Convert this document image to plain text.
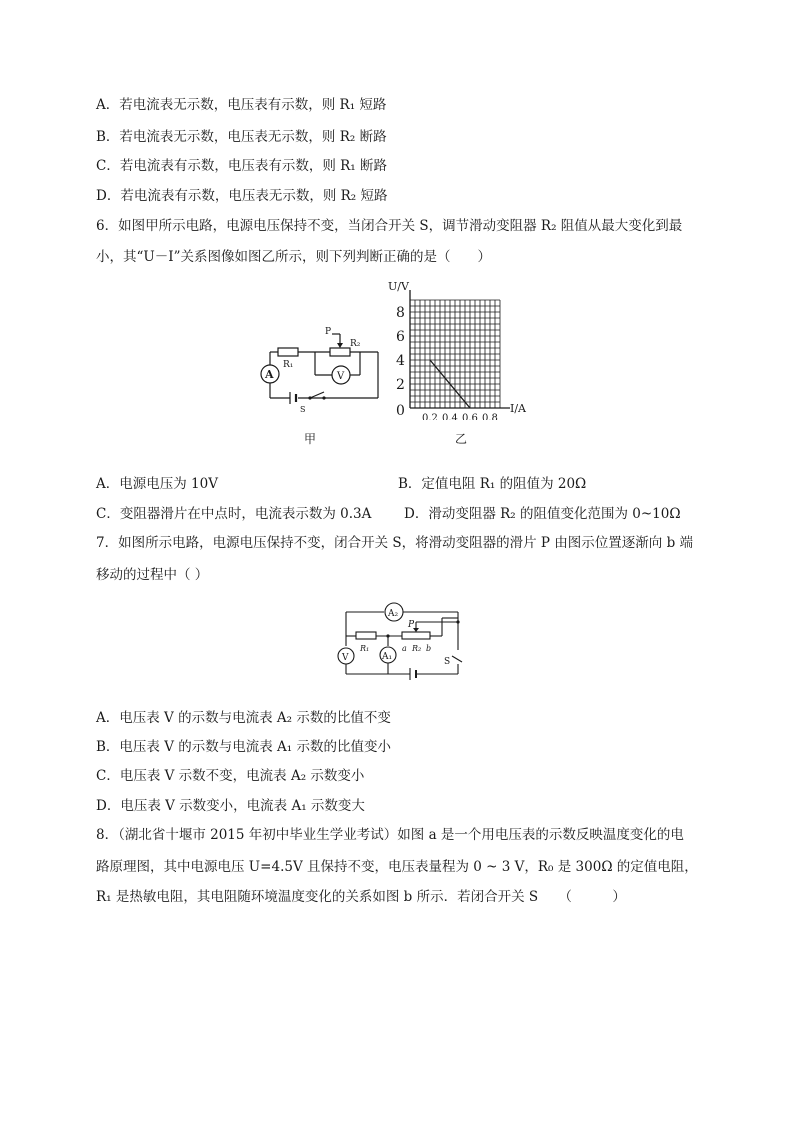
A．若电流表无示数，电压表有示数，则 R₁ 短路
B．若电流表无示数，电压表无示数，则 R₂ 断路
C．若电流表有示数，电压表有示数，则 R₁ 断路
D．若电流表有示数，电压表无示数，则 R₂ 短路
6．如图甲所示电路，电源电压保持不变，当闭合开关 S，调节滑动变阻器 R₂ 阻值从最大变化到最
小，其“U－I”关系图像如图乙所示，则下列判断正确的是（　　）
P
R₁
R₂
A	V
S
甲
0.2 0.4 0.6 0.8
2
4
6
8
0	I/A
U/V
乙
A．电源电压为 10V	B．定值电阻 R₁ 的阻值为 20Ω
C．变阻器滑片在中点时，电流表示数为 0.3A D．滑动变阻器 R₂ 的阻值变化范围为 0~10Ω
7．如图所示电路，电源电压保持不变，闭合开关 S，将滑动变阻器的滑片 P 由图示位置逐渐向 b 端
移动的过程中（ ）
A₂
V	A₁
P
R₁	a R₂ b
S
A．电压表 V 的示数与电流表 A₂ 示数的比值不变
B．电压表 V 的示数与电流表 A₁ 示数的比值变小
C．电压表 V 示数不变，电流表 A₂ 示数变小
D．电压表 V 示数变小，电流表 A₁ 示数变大
8．（湖北省十堰市 2015 年初中毕业生学业考试）如图 a 是一个用电压表的示数反映温度变化的电
路原理图，其中电源电压 U=4.5V 且保持不变，电压表量程为 0 ~ 3 V，R₀ 是 300Ω 的定值电阻，
R₁ 是热敏电阻，其电阻随环境温度变化的关系如图 b 所示．若闭合开关 S　　（　　　）
